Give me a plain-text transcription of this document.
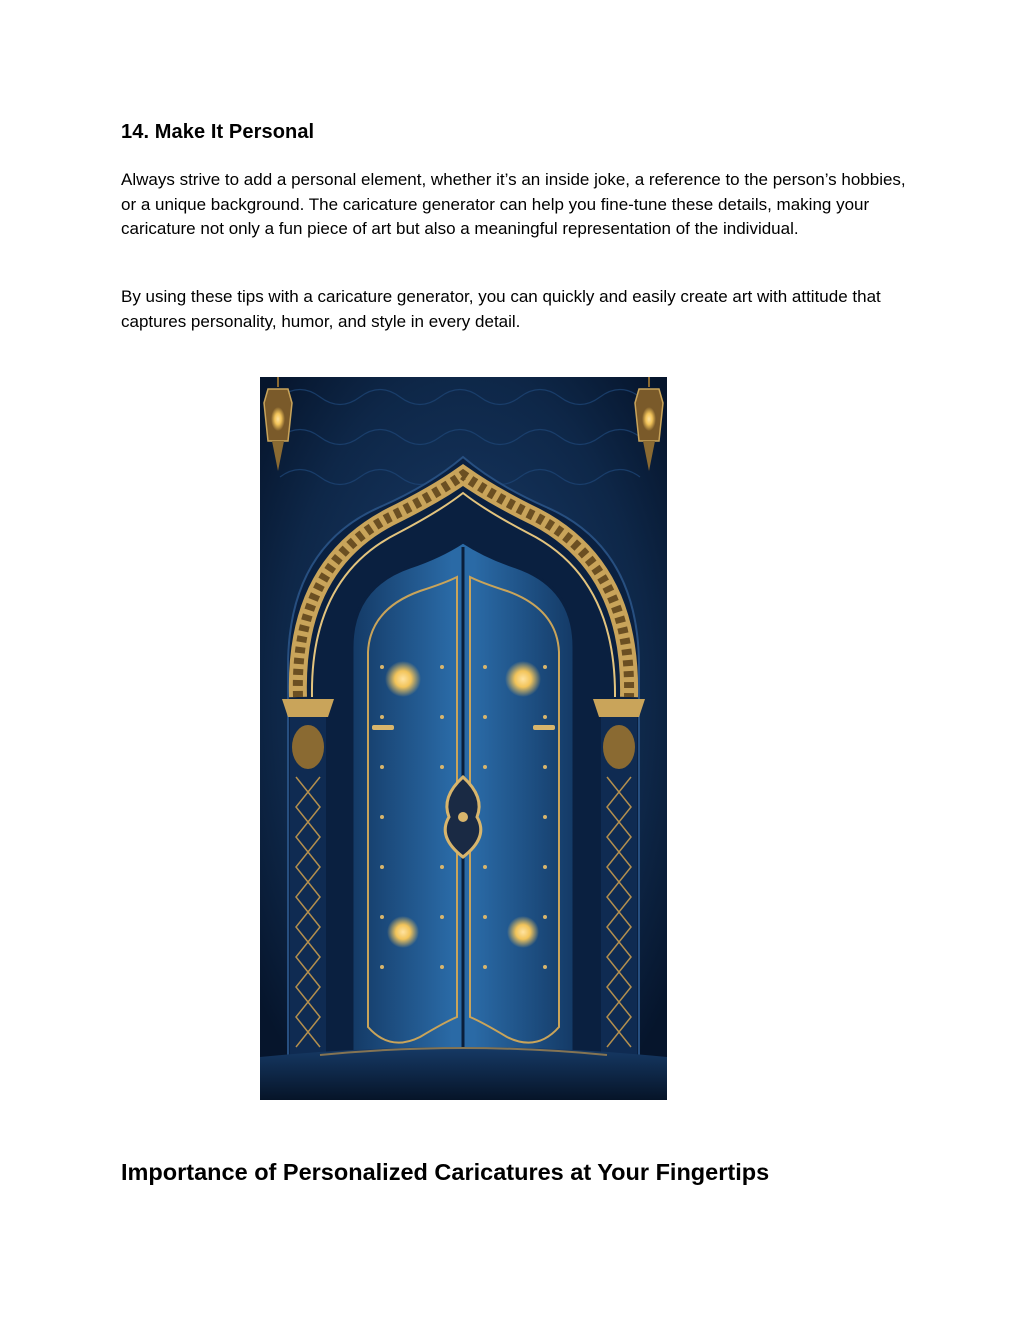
14. Make It Personal

Always strive to add a personal element, whether it’s an inside joke, a reference to the person’s hobbies, or a unique background. The caricature generator can help you fine-tune these details, making your caricature not only a fun piece of art but also a meaningful representation of the individual.

By using these tips with a caricature generator, you can quickly and easily create art with attitude that captures personality, humor, and style in every detail.

Importance of Personalized Caricatures at Your Fingertips
